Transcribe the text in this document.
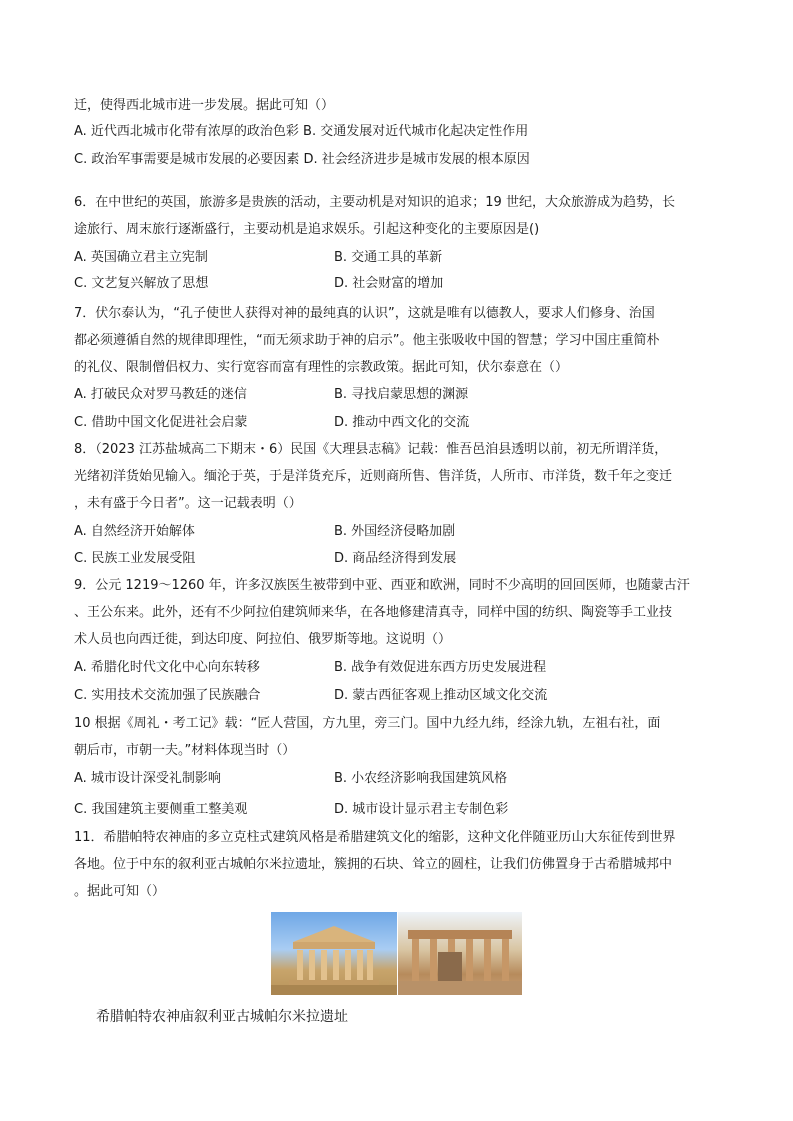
迁，使得西北城市进一步发展。据此可知（）
A. 近代西北城市化带有浓厚的政治色彩 B. 交通发展对近代城市化起决定性作用
C. 政治军事需要是城市发展的必要因素 D. 社会经济进步是城市发展的根本原因
6．在中世纪的英国，旅游多是贵族的活动，主要动机是对知识的追求；19 世纪，大众旅游成为趋势，长
途旅行、周末旅行逐渐盛行，主要动机是追求娱乐。引起这种变化的主要原因是()
A. 英国确立君主立宪制	B. 交通工具的革新
C. 文艺复兴解放了思想	D. 社会财富的增加
7．伏尔泰认为，“孔子使世人获得对神的最纯真的认识”，这就是唯有以德教人，要求人们修身、治国
都必须遵循自然的规律即理性，“而无须求助于神的启示”。他主张吸收中国的智慧；学习中国庄重简朴
的礼仪、限制僧侣权力、实行宽容而富有理性的宗教政策。据此可知，伏尔泰意在（）
A. 打破民众对罗马教廷的迷信	B. 寻找启蒙思想的渊源
C. 借助中国文化促进社会启蒙	D. 推动中西文化的交流
8．（2023 江苏盐城高二下期末・6）民国《大理县志稿》记载：惟吾邑洎县透明以前，初无所谓洋货，
光绪初洋货始见输入。缅沦于英，于是洋货充斥，近则商所售、售洋货，人所市、市洋货，数千年之变迁
，未有盛于今日者”。这一记载表明（）
A. 自然经济开始解体	B. 外国经济侵略加剧
C. 民族工业发展受阻	D. 商品经济得到发展
9．公元 1219～1260 年，许多汉族医生被带到中亚、西亚和欧洲，同时不少高明的回回医师，也随蒙古汗
、王公东来。此外，还有不少阿拉伯建筑师来华，在各地修建清真寺，同样中国的纺织、陶瓷等手工业技
术人员也向西迁徙，到达印度、阿拉伯、俄罗斯等地。这说明（）
A. 希腊化时代文化中心向东转移	B. 战争有效促进东西方历史发展进程
C. 实用技术交流加强了民族融合	D. 蒙古西征客观上推动区域文化交流
10 根据《周礼・考工记》载：“匠人营国，方九里，旁三门。国中九经九纬，经涂九轨，左祖右社，面
朝后市，市朝一夫。”材料体现当时（）
A. 城市设计深受礼制影响	B. 小农经济影响我国建筑风格
C. 我国建筑主要侧重工整美观	D. 城市设计显示君主专制色彩
11．希腊帕特农神庙的多立克柱式建筑风格是希腊建筑文化的缩影，这种文化伴随亚历山大东征传到世界
各地。位于中东的叙利亚古城帕尔米拉遗址，簇拥的石块、耸立的圆柱，让我们仿佛置身于古希腊城邦中
。据此可知（）
希腊帕特农神庙叙利亚古城帕尔米拉遗址
